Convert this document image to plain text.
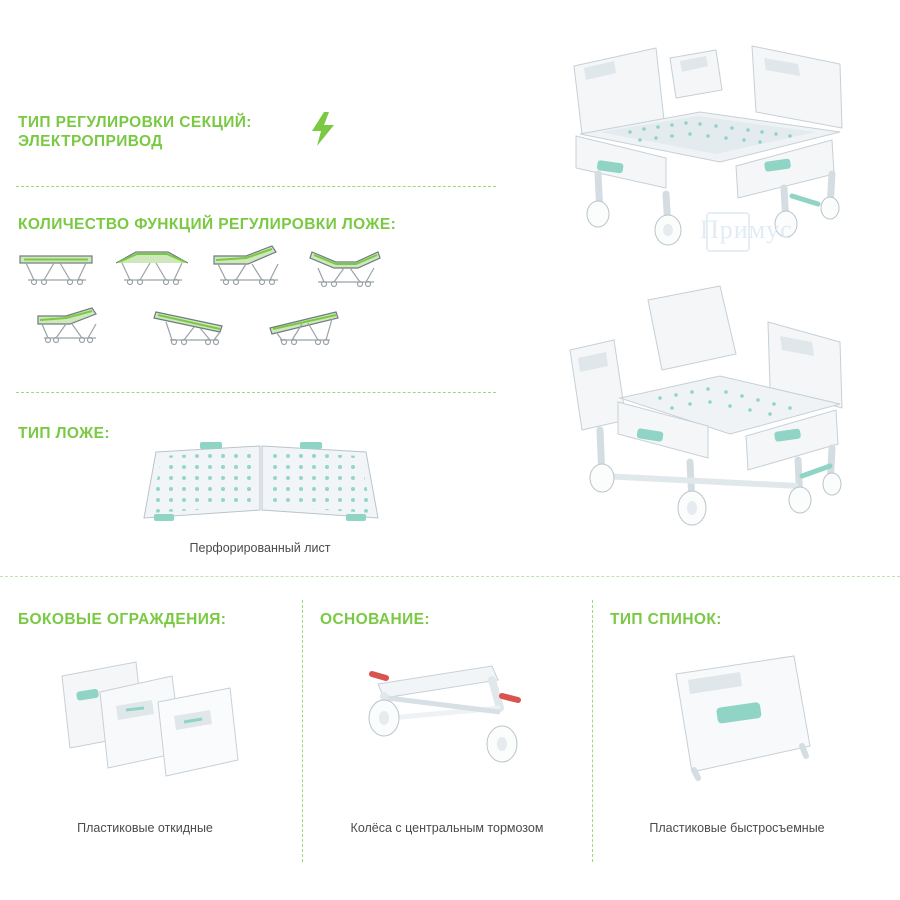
ТИП РЕГУЛИРОВКИ СЕКЦИЙ: ЭЛЕКТРОПРИВОД
КОЛИЧЕСТВО ФУНКЦИЙ РЕГУЛИРОВКИ ЛОЖЕ:
ТИП ЛОЖЕ:
Перфорированный лист
Примус
БОКОВЫЕ ОГРАЖДЕНИЯ:
Пластиковые откидные
ОСНОВАНИЕ:
Колёса с центральным тормозом
ТИП СПИНОК:
Пластиковые быстросъемные
